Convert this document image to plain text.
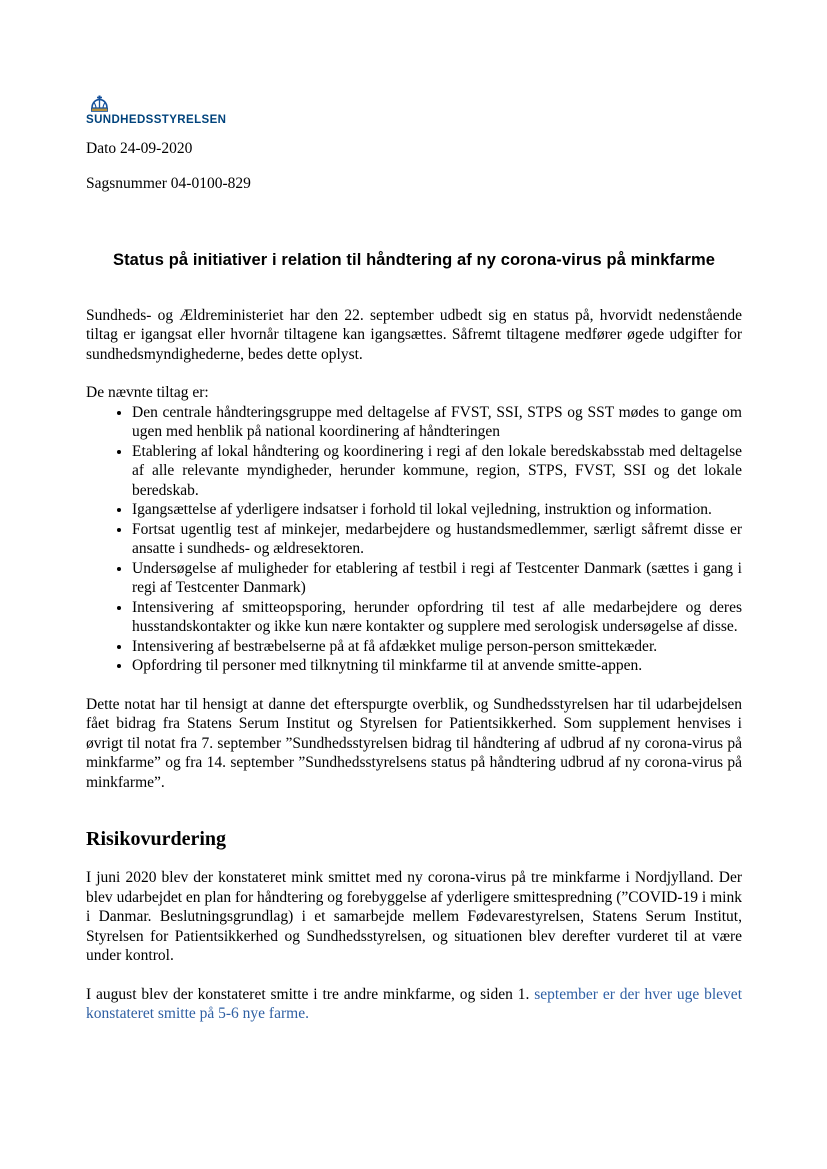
SUNDHEDSSTYRELSEN

Dato 24-09-2020

Sagsnummer 04-0100-829

Status på initiativer i relation til håndtering af ny corona-virus på minkfarme

Sundheds- og Ældreministeriet har den 22. september udbedt sig en status på, hvorvidt nedenstående tiltag er igangsat eller hvornår tiltagene kan igangsættes. Såfremt tiltagene medfører øgede udgifter for sundhedsmyndighederne, bedes dette oplyst.

De nævnte tiltag er:

• Den centrale håndteringsgruppe med deltagelse af FVST, SSI, STPS og SST mødes to gange om ugen med henblik på national koordinering af håndteringen
• Etablering af lokal håndtering og koordinering i regi af den lokale beredskabsstab med deltagelse af alle relevante myndigheder, herunder kommune, region, STPS, FVST, SSI og det lokale beredskab.
• Igangsættelse af yderligere indsatser i forhold til lokal vejledning, instruktion og information.
• Fortsat ugentlig test af minkejer, medarbejdere og hustandsmedlemmer, særligt såfremt disse er ansatte i sundheds- og ældresektoren.
• Undersøgelse af muligheder for etablering af testbil i regi af Testcenter Danmark (sættes i gang i regi af Testcenter Danmark)
• Intensivering af smitteopsporing, herunder opfordring til test af alle medarbejdere og deres husstandskontakter og ikke kun nære kontakter og supplere med serologisk undersøgelse af disse.
• Intensivering af bestræbelserne på at få afdækket mulige person-person smittekæder.
• Opfordring til personer med tilknytning til minkfarme til at anvende smitte-appen.

Dette notat har til hensigt at danne det efterspurgte overblik, og Sundhedsstyrelsen har til udarbejdelsen fået bidrag fra Statens Serum Institut og Styrelsen for Patientsikkerhed. Som supplement henvises i øvrigt til notat fra 7. september ”Sundhedsstyrelsen bidrag til håndtering af udbrud af ny corona-virus på minkfarme” og fra 14. september ”Sundhedsstyrelsens status på håndtering udbrud af ny corona-virus på minkfarme”.

Risikovurdering

I juni 2020 blev der konstateret mink smittet med ny corona-virus på tre minkfarme i Nordjylland. Der blev udarbejdet en plan for håndtering og forebyggelse af yderligere smittespredning (”COVID-19 i mink i Danmar. Beslutningsgrundlag) i et samarbejde mellem Fødevarestyrelsen, Statens Serum Institut, Styrelsen for Patientsikkerhed og Sundhedsstyrelsen, og situationen blev derefter vurderet til at være under kontrol.

I august blev der konstateret smitte i tre andre minkfarme, og siden 1. september er der hver uge blevet konstateret smitte på 5-6 nye farme.
